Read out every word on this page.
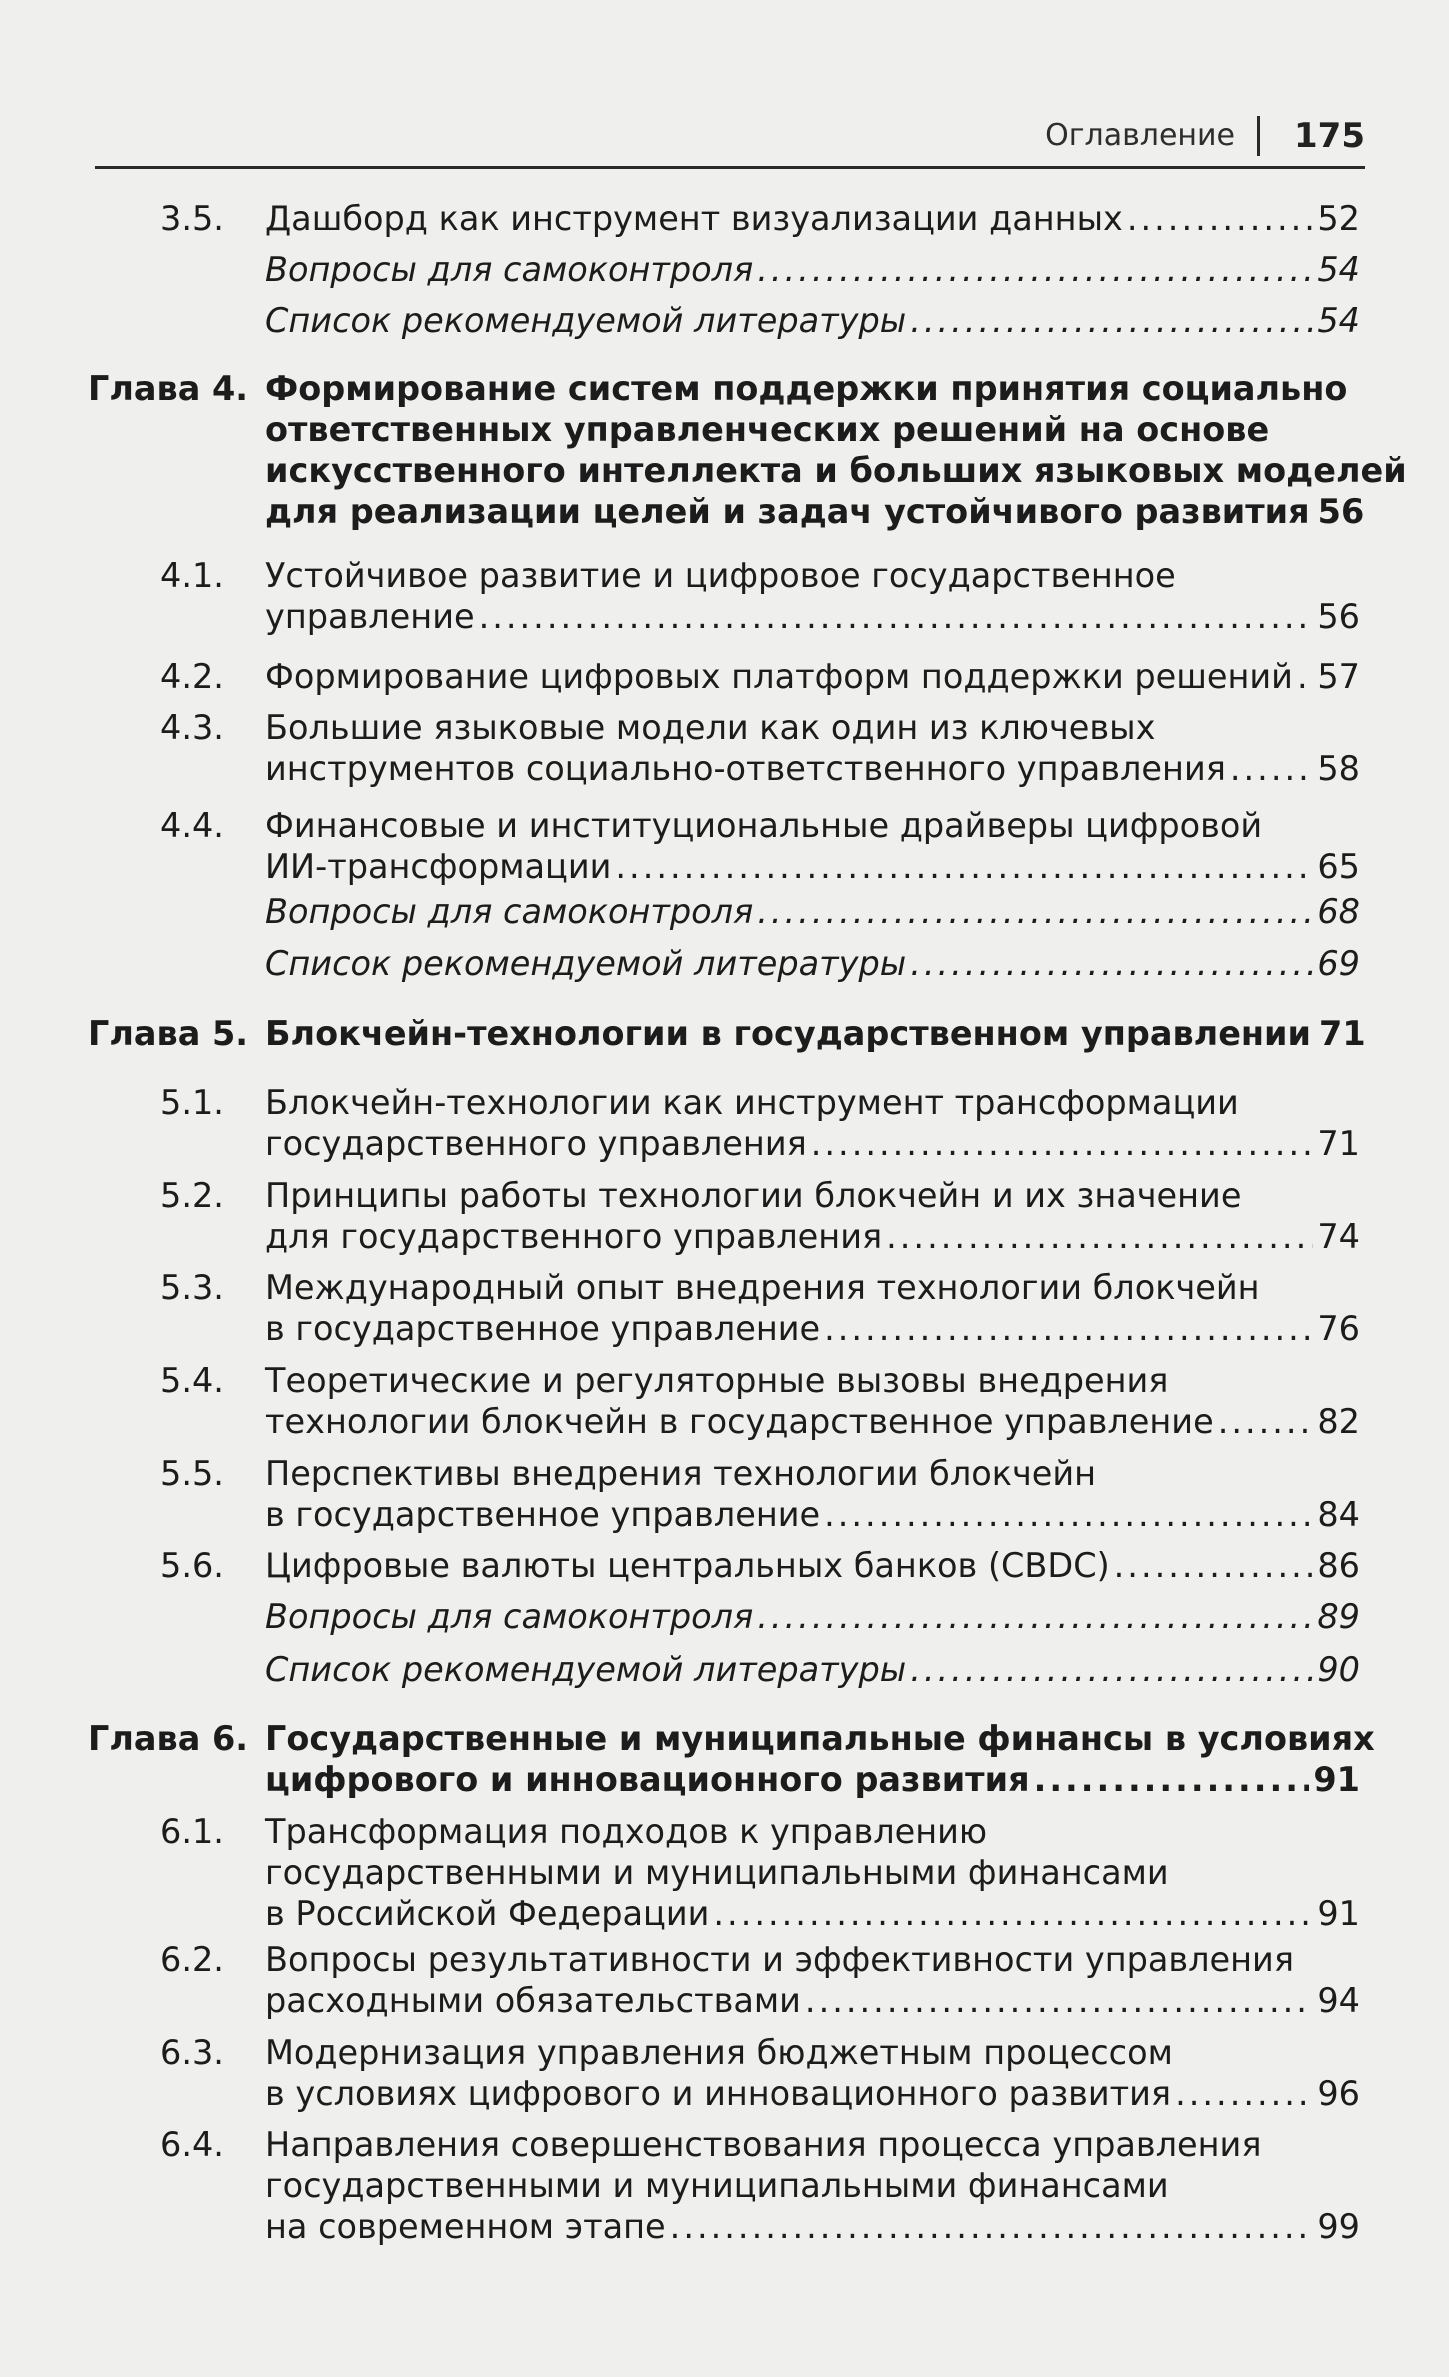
Оглавление 175
3.5. Дашборд как инструмент визуализации данных .....	52
Вопросы для самоконтроля .....	54
Список рекомендуемой литературы .....	54
Глава 4. Формирование систем поддержки принятия социально
ответственных управленческих решений на основе
искусственного интеллекта и больших языковых моделей
для реализации целей и задач устойчивого развития 56
4.1. Устойчивое развитие и цифровое государственное
управление .....	56
4.2. Формирование цифровых платформ поддержки решений ..... 57
4.3. Большие языковые модели как один из ключевых
инструментов социально-ответственного управления .....	58
4.4. Финансовые и институциональные драйверы цифровой
ИИ-трансформации .....	65
Вопросы для самоконтроля .....	68
Список рекомендуемой литературы .....	69
Глава 5. Блокчейн-технологии в государственном управлении 71
5.1. Блокчейн-технологии как инструмент трансформации
государственного управления .....	71
5.2. Принципы работы технологии блокчейн и их значение
для государственного управления .....	74
5.3. Международный опыт внедрения технологии блокчейн
в государственное управление .....	76
5.4. Теоретические и регуляторные вызовы внедрения
технологии блокчейн в государственное управление .....	82
5.5. Перспективы внедрения технологии блокчейн
в государственное управление .....	84
5.6. Цифровые валюты центральных банков (CBDC) .....	86
Вопросы для самоконтроля .....	89
Список рекомендуемой литературы .....	90
Глава 6. Государственные и муниципальные финансы в условиях
цифрового и инновационного развития .....	91
6.1. Трансформация подходов к управлению
государственными и муниципальными финансами
в Российской Федерации .....	91
6.2. Вопросы результативности и эффективности управления
расходными обязательствами .....	94
6.3. Модернизация управления бюджетным процессом
в условиях цифрового и инновационного развития .....	96
6.4. Направления совершенствования процесса управления
государственными и муниципальными финансами
на современном этапе .....	99
